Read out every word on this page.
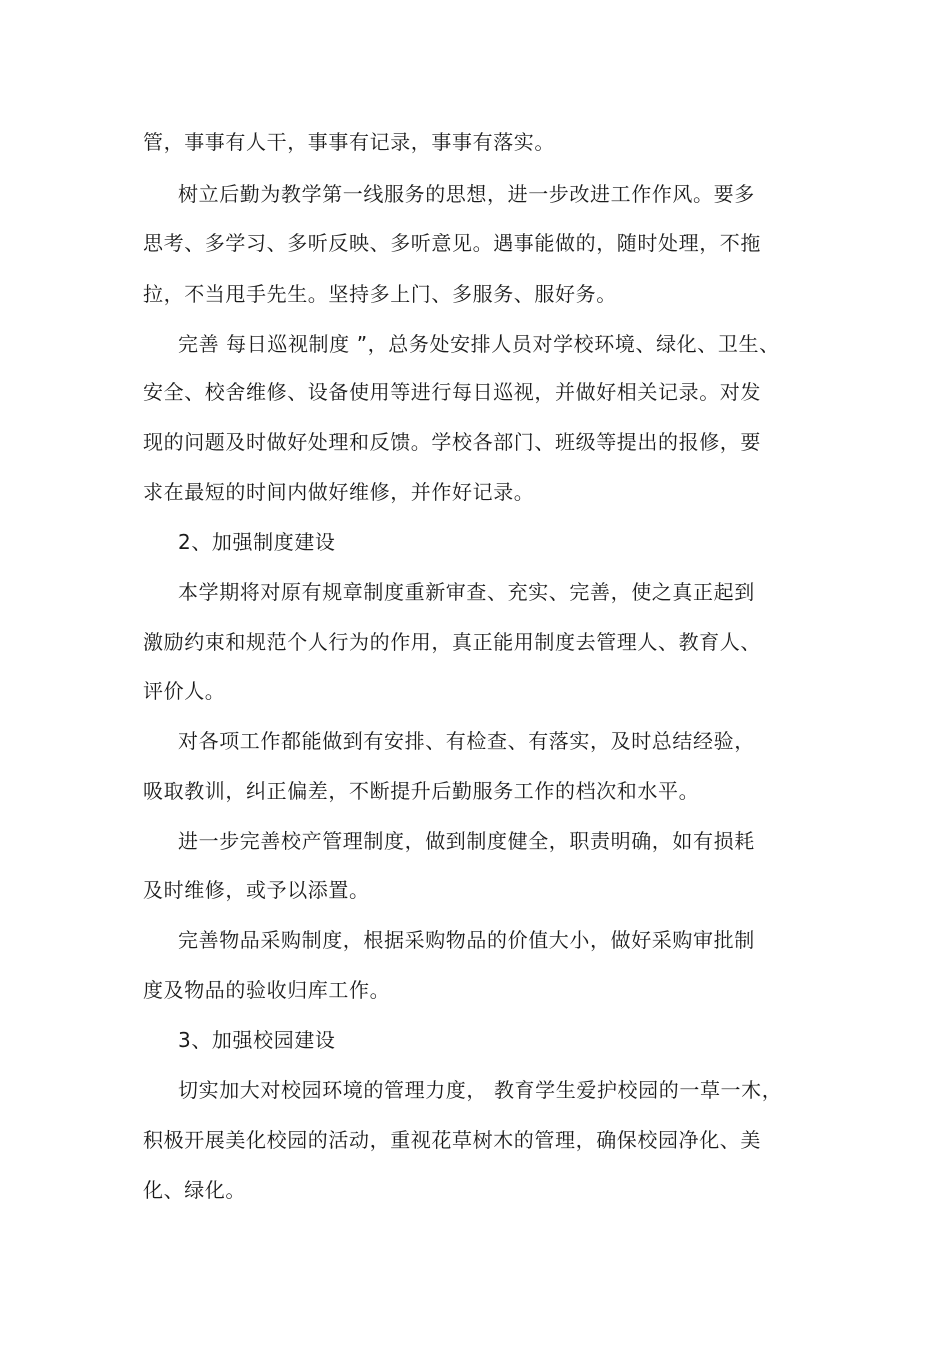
管，事事有人干，事事有记录，事事有落实。
树立后勤为教学第一线服务的思想，进一步改进工作作风。要多
思考、多学习、多听反映、多听意见。遇事能做的，随时处理，不拖
拉，不当甩手先生。坚持多上门、多服务、服好务。
完善 每日巡视制度 ”，总务处安排人员对学校环境、绿化、卫生、
安全、校舍维修、设备使用等进行每日巡视，并做好相关记录。对发
现的问题及时做好处理和反馈。学校各部门、班级等提出的报修，要
求在最短的时间内做好维修，并作好记录。
2、加强制度建设
本学期将对原有规章制度重新审查、充实、完善，使之真正起到
激励约束和规范个人行为的作用，真正能用制度去管理人、教育人、
评价人。
对各项工作都能做到有安排、有检查、有落实，及时总结经验，
吸取教训，纠正偏差，不断提升后勤服务工作的档次和水平。
进一步完善校产管理制度，做到制度健全，职责明确，如有损耗
及时维修，或予以添置。
完善物品采购制度，根据采购物品的价值大小，做好采购审批制
度及物品的验收归库工作。
3、加强校园建设
切实加大对校园环境的管理力度， 教育学生爱护校园的一草一木，
积极开展美化校园的活动，重视花草树木的管理，确保校园净化、美
化、绿化。
